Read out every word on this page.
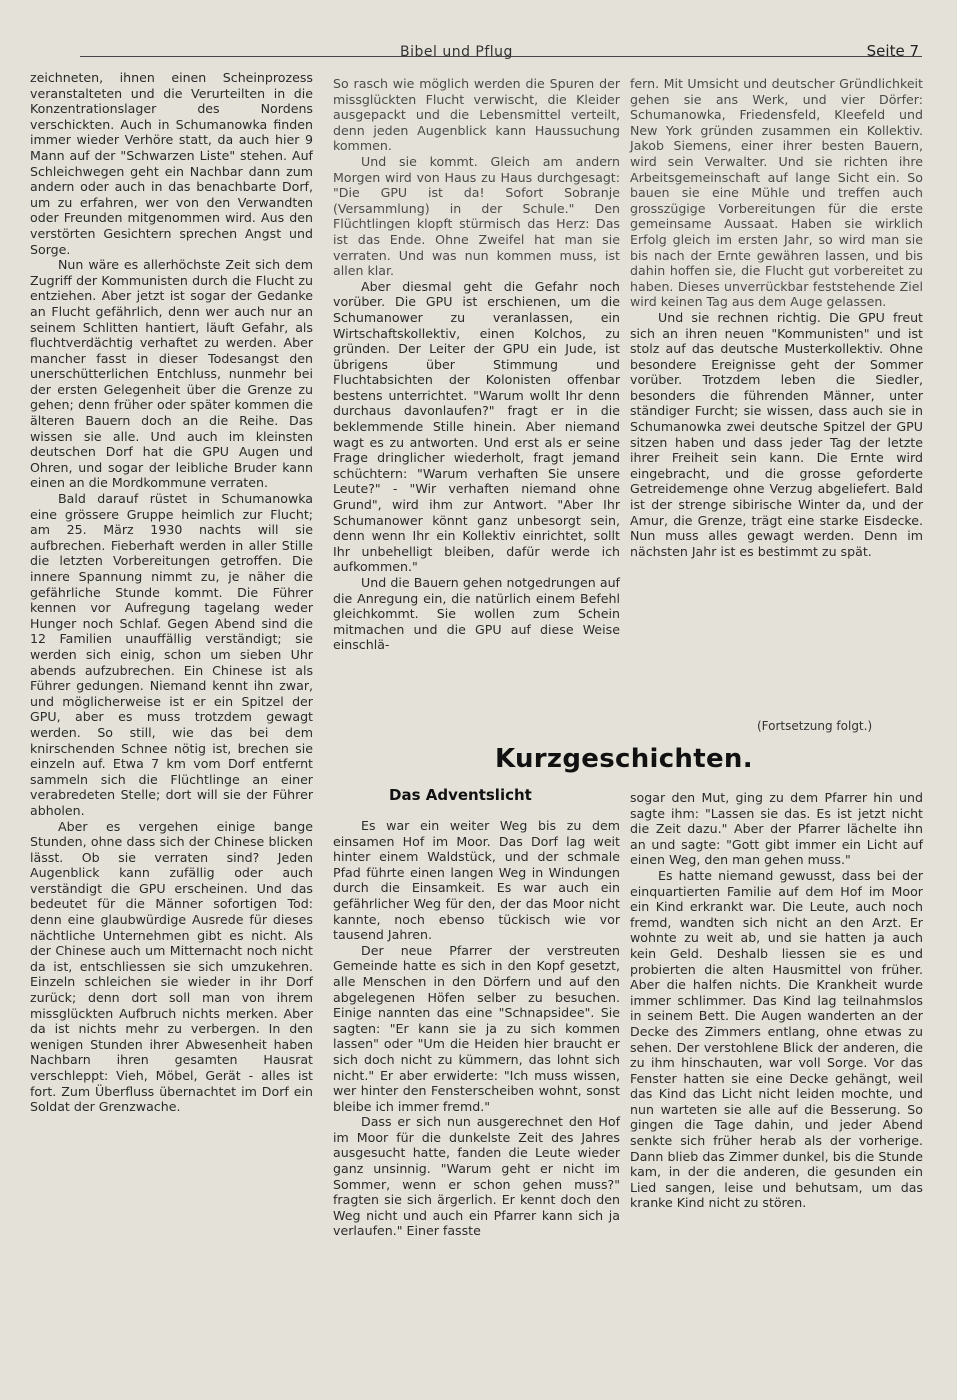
Bibel und Pflug	Seite 7

zeichneten, ihnen einen Scheinprozess veranstalteten und die Verurteilten in die Konzentrationslager des Nordens verschickten. Auch in Schumanowka finden immer wieder Verhöre statt, da auch hier 9 Mann auf der "Schwarzen Liste" stehen. Auf Schleichwegen geht ein Nachbar dann zum andern oder auch in das benachbarte Dorf, um zu erfahren, wer von den Verwandten oder Freunden mitgenommen wird. Aus den verstörten Gesichtern sprechen Angst und Sorge.

Nun wäre es allerhöchste Zeit sich dem Zugriff der Kommunisten durch die Flucht zu entziehen. Aber jetzt ist sogar der Gedanke an Flucht gefährlich, denn wer auch nur an seinem Schlitten hantiert, läuft Gefahr, als fluchtverdächtig verhaftet zu werden. Aber mancher fasst in dieser Todesangst den unerschütterlichen Entchluss, nunmehr bei der ersten Gelegenheit über die Grenze zu gehen; denn früher oder später kommen die älteren Bauern doch an die Reihe. Das wissen sie alle. Und auch im kleinsten deutschen Dorf hat die GPU Augen und Ohren, und sogar der leibliche Bruder kann einen an die Mordkommune verraten.

Bald darauf rüstet in Schumanowka eine grössere Gruppe heimlich zur Flucht; am 25. März 1930 nachts will sie aufbrechen. Fieberhaft werden in aller Stille die letzten Vorbereitungen getroffen. Die innere Spannung nimmt zu, je näher die gefährliche Stunde kommt. Die Führer kennen vor Aufregung tagelang weder Hunger noch Schlaf. Gegen Abend sind die 12 Familien unauffällig verständigt; sie werden sich einig, schon um sieben Uhr abends aufzubrechen. Ein Chinese ist als Führer gedungen. Niemand kennt ihn zwar, und möglicherweise ist er ein Spitzel der GPU, aber es muss trotzdem gewagt werden. So still, wie das bei dem knirschenden Schnee nötig ist, brechen sie einzeln auf. Etwa 7 km vom Dorf entfernt sammeln sich die Flüchtlinge an einer verabredeten Stelle; dort will sie der Führer abholen.

Aber es vergehen einige bange Stunden, ohne dass sich der Chinese blicken lässt. Ob sie verraten sind? Jeden Augenblick kann zufällig oder auch verständigt die GPU erscheinen. Und das bedeutet für die Männer sofortigen Tod: denn eine glaubwürdige Ausrede für dieses nächtliche Unternehmen gibt es nicht. Als der Chinese auch um Mitternacht noch nicht da ist, entschliessen sie sich umzukehren. Einzeln schleichen sie wieder in ihr Dorf zurück; denn dort soll man von ihrem missglückten Aufbruch nichts merken. Aber da ist nichts mehr zu verbergen. In den wenigen Stunden ihrer Abwesenheit haben Nachbarn ihren gesamten Hausrat verschleppt: Vieh, Möbel, Gerät - alles ist fort. Zum Überfluss übernachtet im Dorf ein Soldat der Grenzwache.

So rasch wie möglich werden die Spuren der missglückten Flucht verwischt, die Kleider ausgepackt und die Lebensmittel verteilt, denn jeden Augenblick kann Haussuchung kommen.

Und sie kommt. Gleich am andern Morgen wird von Haus zu Haus durchgesagt: "Die GPU ist da! Sofort Sobranje (Versammlung) in der Schule." Den Flüchtlingen klopft stürmisch das Herz: Das ist das Ende. Ohne Zweifel hat man sie verraten. Und was nun kommen muss, ist allen klar.

Aber diesmal geht die Gefahr noch vorüber. Die GPU ist erschienen, um die Schumanower zu veranlassen, ein Wirtschaftskollektiv, einen Kolchos, zu gründen. Der Leiter der GPU ein Jude, ist übrigens über Stimmung und Fluchtabsichten der Kolonisten offenbar bestens unterrichtet. "Warum wollt Ihr denn durchaus davonlaufen?" fragt er in die beklemmende Stille hinein. Aber niemand wagt es zu antworten. Und erst als er seine Frage dringlicher wiederholt, fragt jemand schüchtern: "Warum verhaften Sie unsere Leute?" - "Wir verhaften niemand ohne Grund", wird ihm zur Antwort. "Aber Ihr Schumanower könnt ganz unbesorgt sein, denn wenn Ihr ein Kollektiv einrichtet, sollt Ihr unbehelligt bleiben, dafür werde ich aufkommen."

Und die Bauern gehen notgedrungen auf die Anregung ein, die natürlich einem Befehl gleichkommt. Sie wollen zum Schein mitmachen und die GPU auf diese Weise einschlä-

fern. Mit Umsicht und deutscher Gründlichkeit gehen sie ans Werk, und vier Dörfer: Schumanowka, Friedensfeld, Kleefeld und New York gründen zusammen ein Kollektiv. Jakob Siemens, einer ihrer besten Bauern, wird sein Verwalter. Und sie richten ihre Arbeitsgemeinschaft auf lange Sicht ein. So bauen sie eine Mühle und treffen auch grosszügige Vorbereitungen für die erste gemeinsame Aussaat. Haben sie wirklich Erfolg gleich im ersten Jahr, so wird man sie bis nach der Ernte gewähren lassen, und bis dahin hoffen sie, die Flucht gut vorbereitet zu haben. Dieses unverrückbar feststehende Ziel wird keinen Tag aus dem Auge gelassen.

Und sie rechnen richtig. Die GPU freut sich an ihren neuen "Kommunisten" und ist stolz auf das deutsche Musterkollektiv. Ohne besondere Ereignisse geht der Sommer vorüber. Trotzdem leben die Siedler, besonders die führenden Männer, unter ständiger Furcht; sie wissen, dass auch sie in Schumanowka zwei deutsche Spitzel der GPU sitzen haben und dass jeder Tag der letzte ihrer Freiheit sein kann. Die Ernte wird eingebracht, und die grosse geforderte Getreidemenge ohne Verzug abgeliefert. Bald ist der strenge sibirische Winter da, und der Amur, die Grenze, trägt eine starke Eisdecke. Nun muss alles gewagt werden. Denn im nächsten Jahr ist es bestimmt zu spät.

(Fortsetzung folgt.)
Kurzgeschichten.
Das Adventslicht

Es war ein weiter Weg bis zu dem einsamen Hof im Moor. Das Dorf lag weit hinter einem Waldstück, und der schmale Pfad führte einen langen Weg in Windungen durch die Einsamkeit. Es war auch ein gefährlicher Weg für den, der das Moor nicht kannte, noch ebenso tückisch wie vor tausend Jahren.

Der neue Pfarrer der verstreuten Gemeinde hatte es sich in den Kopf gesetzt, alle Menschen in den Dörfern und auf den abgelegenen Höfen selber zu besuchen. Einige nannten das eine "Schnapsidee". Sie sagten: "Er kann sie ja zu sich kommen lassen" oder "Um die Heiden hier braucht er sich doch nicht zu kümmern, das lohnt sich nicht." Er aber erwiderte: "Ich muss wissen, wer hinter den Fensterscheiben wohnt, sonst bleibe ich immer fremd."

Dass er sich nun ausgerechnet den Hof im Moor für die dunkelste Zeit des Jahres ausgesucht hatte, fanden die Leute wieder ganz unsinnig. "Warum geht er nicht im Sommer, wenn er schon gehen muss?" fragten sie sich ärgerlich. Er kennt doch den Weg nicht und auch ein Pfarrer kann sich ja verlaufen." Einer fasste

sogar den Mut, ging zu dem Pfarrer hin und sagte ihm: "Lassen sie das. Es ist jetzt nicht die Zeit dazu." Aber der Pfarrer lächelte ihn an und sagte: "Gott gibt immer ein Licht auf einen Weg, den man gehen muss."

Es hatte niemand gewusst, dass bei der einquartierten Familie auf dem Hof im Moor ein Kind erkrankt war. Die Leute, auch noch fremd, wandten sich nicht an den Arzt. Er wohnte zu weit ab, und sie hatten ja auch kein Geld. Deshalb liessen sie es und probierten die alten Hausmittel von früher. Aber die halfen nichts. Die Krankheit wurde immer schlimmer. Das Kind lag teilnahmslos in seinem Bett. Die Augen wanderten an der Decke des Zimmers entlang, ohne etwas zu sehen. Der verstohlene Blick der anderen, die zu ihm hinschauten, war voll Sorge. Vor das Fenster hatten sie eine Decke gehängt, weil das Kind das Licht nicht leiden mochte, und nun warteten sie alle auf die Besserung. So gingen die Tage dahin, und jeder Abend senkte sich früher herab als der vorherige. Dann blieb das Zimmer dunkel, bis die Stunde kam, in der die anderen, die gesunden ein Lied sangen, leise und behutsam, um das kranke Kind nicht zu stören.
